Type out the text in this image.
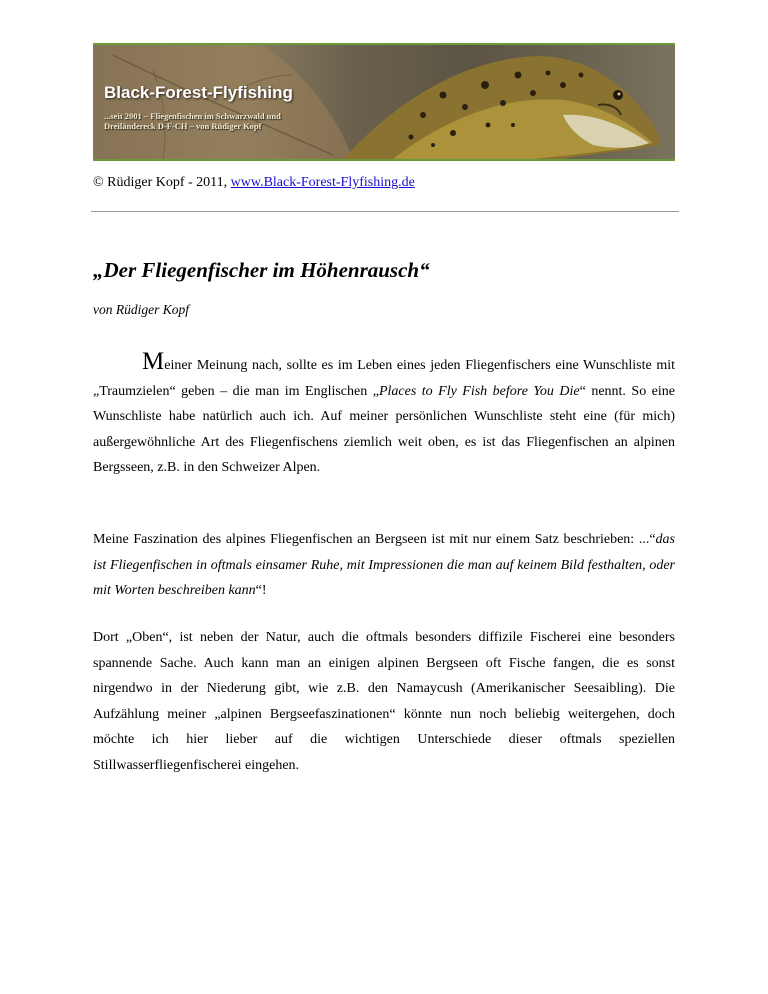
Black-Forest-Flyfishing
...seit 2001 – Fliegenfischen im Schwarzwald und
Dreiländereck D-F-CH – von Rüdiger Kopf
© Rüdiger Kopf - 2011, www.Black-Forest-Flyfishing.de
„Der Fliegenfischer im Höhenrausch“
von Rüdiger Kopf

Meiner Meinung nach, sollte es im Leben eines jeden Fliegenfischers eine Wunschliste mit „Traumzielen“ geben – die man im Englischen „Places to Fly Fish before You Die“ nennt. So eine Wunschliste habe natürlich auch ich. Auf meiner persönlichen Wunschliste steht eine (für mich) außergewöhnliche Art des Fliegenfischens ziemlich weit oben, es ist das Fliegenfischen an alpinen Bergsseen, z.B. in den Schweizer Alpen.

Meine Faszination des alpines Fliegenfischen an Bergseen ist mit nur einem Satz beschrieben: ...“das ist Fliegenfischen in oftmals einsamer Ruhe, mit Impressionen die man auf keinem Bild festhalten, oder mit Worten beschreiben kann“!

Dort „Oben“, ist neben der Natur, auch die oftmals besonders diffizile Fischerei eine besonders spannende Sache. Auch kann man an einigen alpinen Bergseen oft Fische fangen, die es sonst nirgendwo in der Niederung gibt, wie z.B. den Namaycush (Amerikanischer Seesaibling). Die Aufzählung meiner „alpinen Bergseefaszinationen“ könnte nun noch beliebig weitergehen, doch möchte ich hier lieber auf die wichtigen Unterschiede dieser oftmals speziellen Stillwasserfliegenfischerei eingehen.
